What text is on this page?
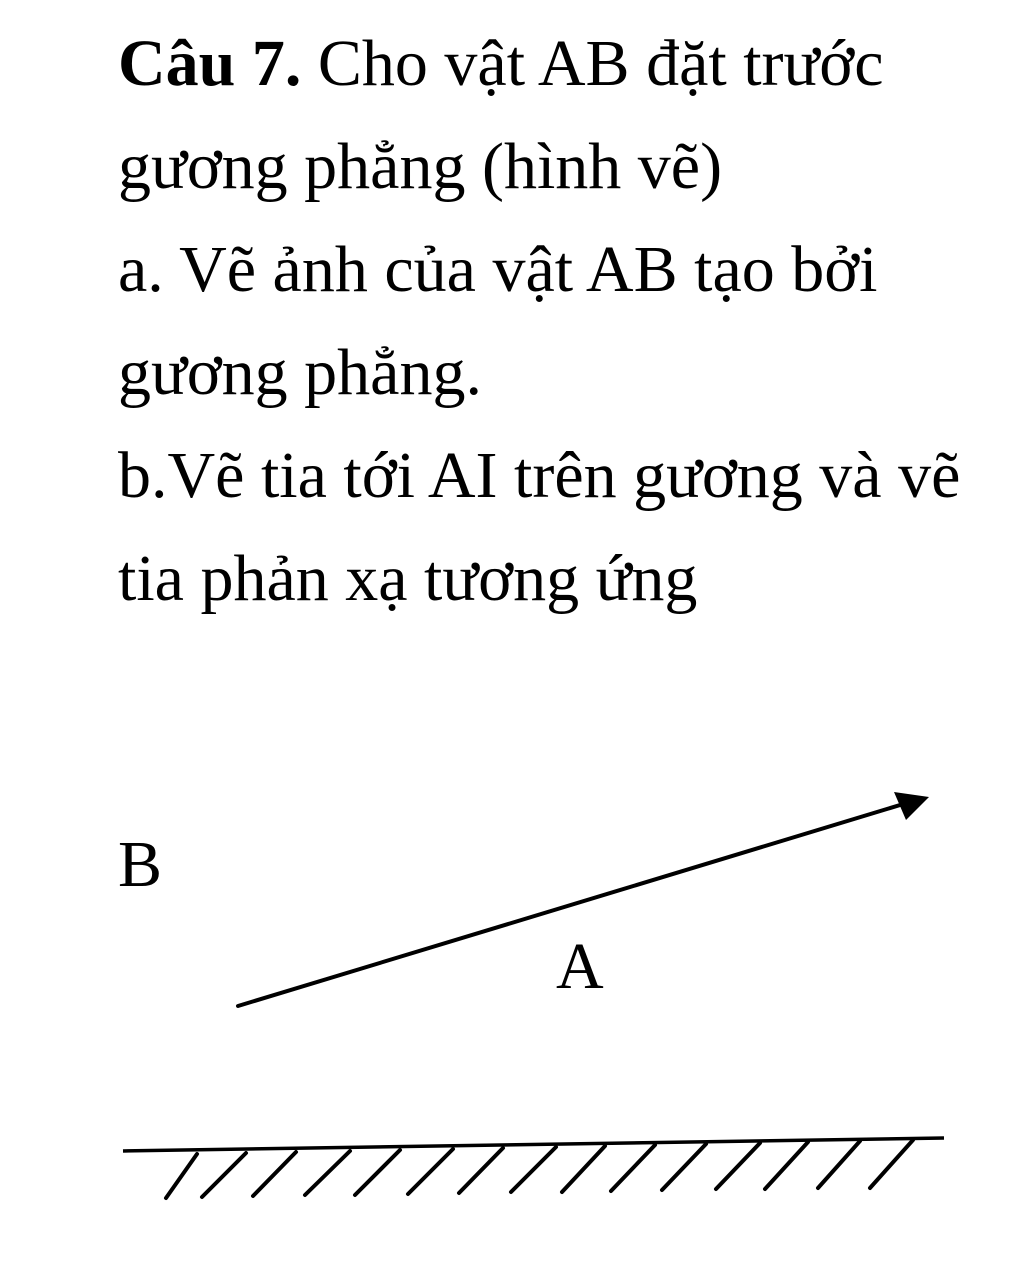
Câu 7. Cho vật AB đặt trước gương phẳng (hình vẽ)

a. Vẽ ảnh của vật AB tạo bởi gương phẳng.

b.Vẽ tia tới AI trên gương và vẽ tia phản xạ tương ứng

B
A
